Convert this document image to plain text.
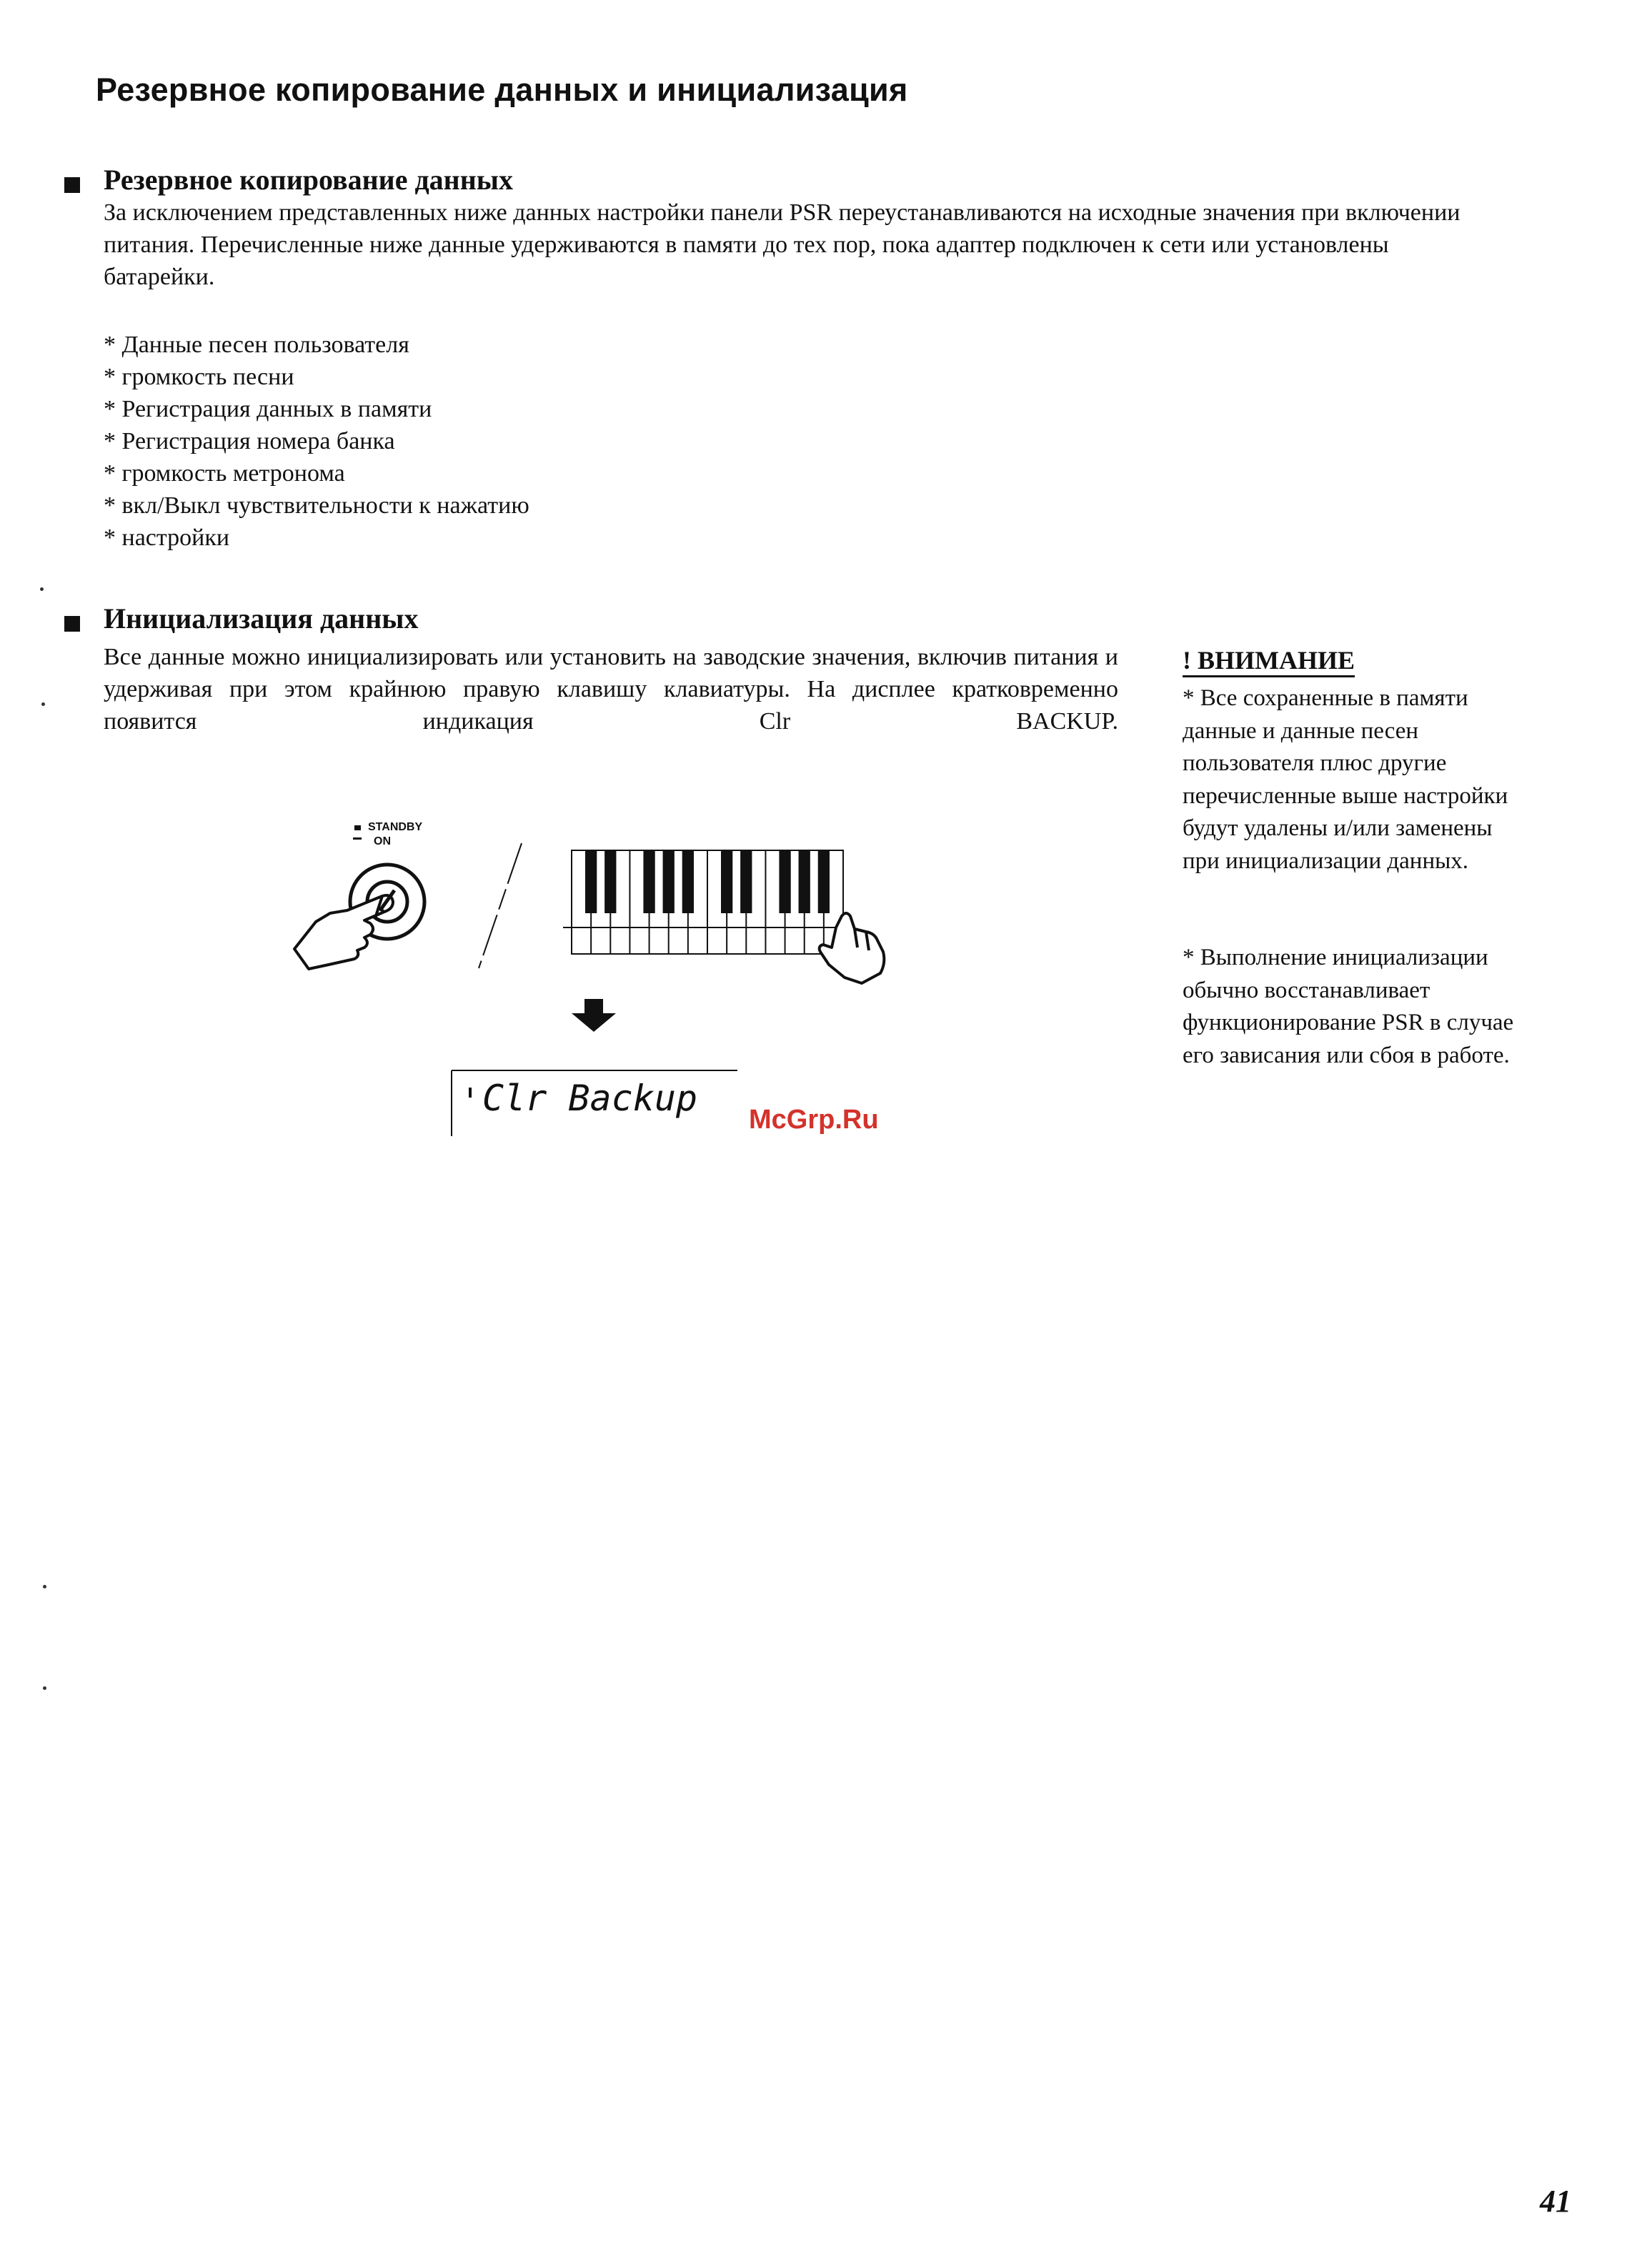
Резервное копирование данных и инициализация
Резервное копирование данных
За исключением представленных ниже данных настройки панели PSR переустанавливаются на исходные значения при включении питания. Перечисленные ниже данные удерживаются в памяти до тех пор, пока адаптер подключен к сети или установлены батарейки.
* Данные песен пользователя
* громкость песни
* Регистрация данных в памяти
* Регистрация номера банка
* громкость метронома
* вкл/Выкл чувствительности к нажатию
* настройки
Инициализация данных
Все данные можно инициализировать или установить на заводские значения, включив питания и удерживая при этом крайнюю правую клавишу клавиатуры. На дисплее кратковременно появится индикация Clr BACKUP.
! ВНИМАНИЕ
* Все сохраненные в памяти данные и данные песен пользователя плюс другие перечисленные выше настройки будут удалены и/или заменены при инициализации данных.
* Выполнение инициализации обычно восстанавливает функционирование PSR в случае его зависания или сбоя в работе.
STANDBY
ON
Clr Backup
McGrp.Ru
41
